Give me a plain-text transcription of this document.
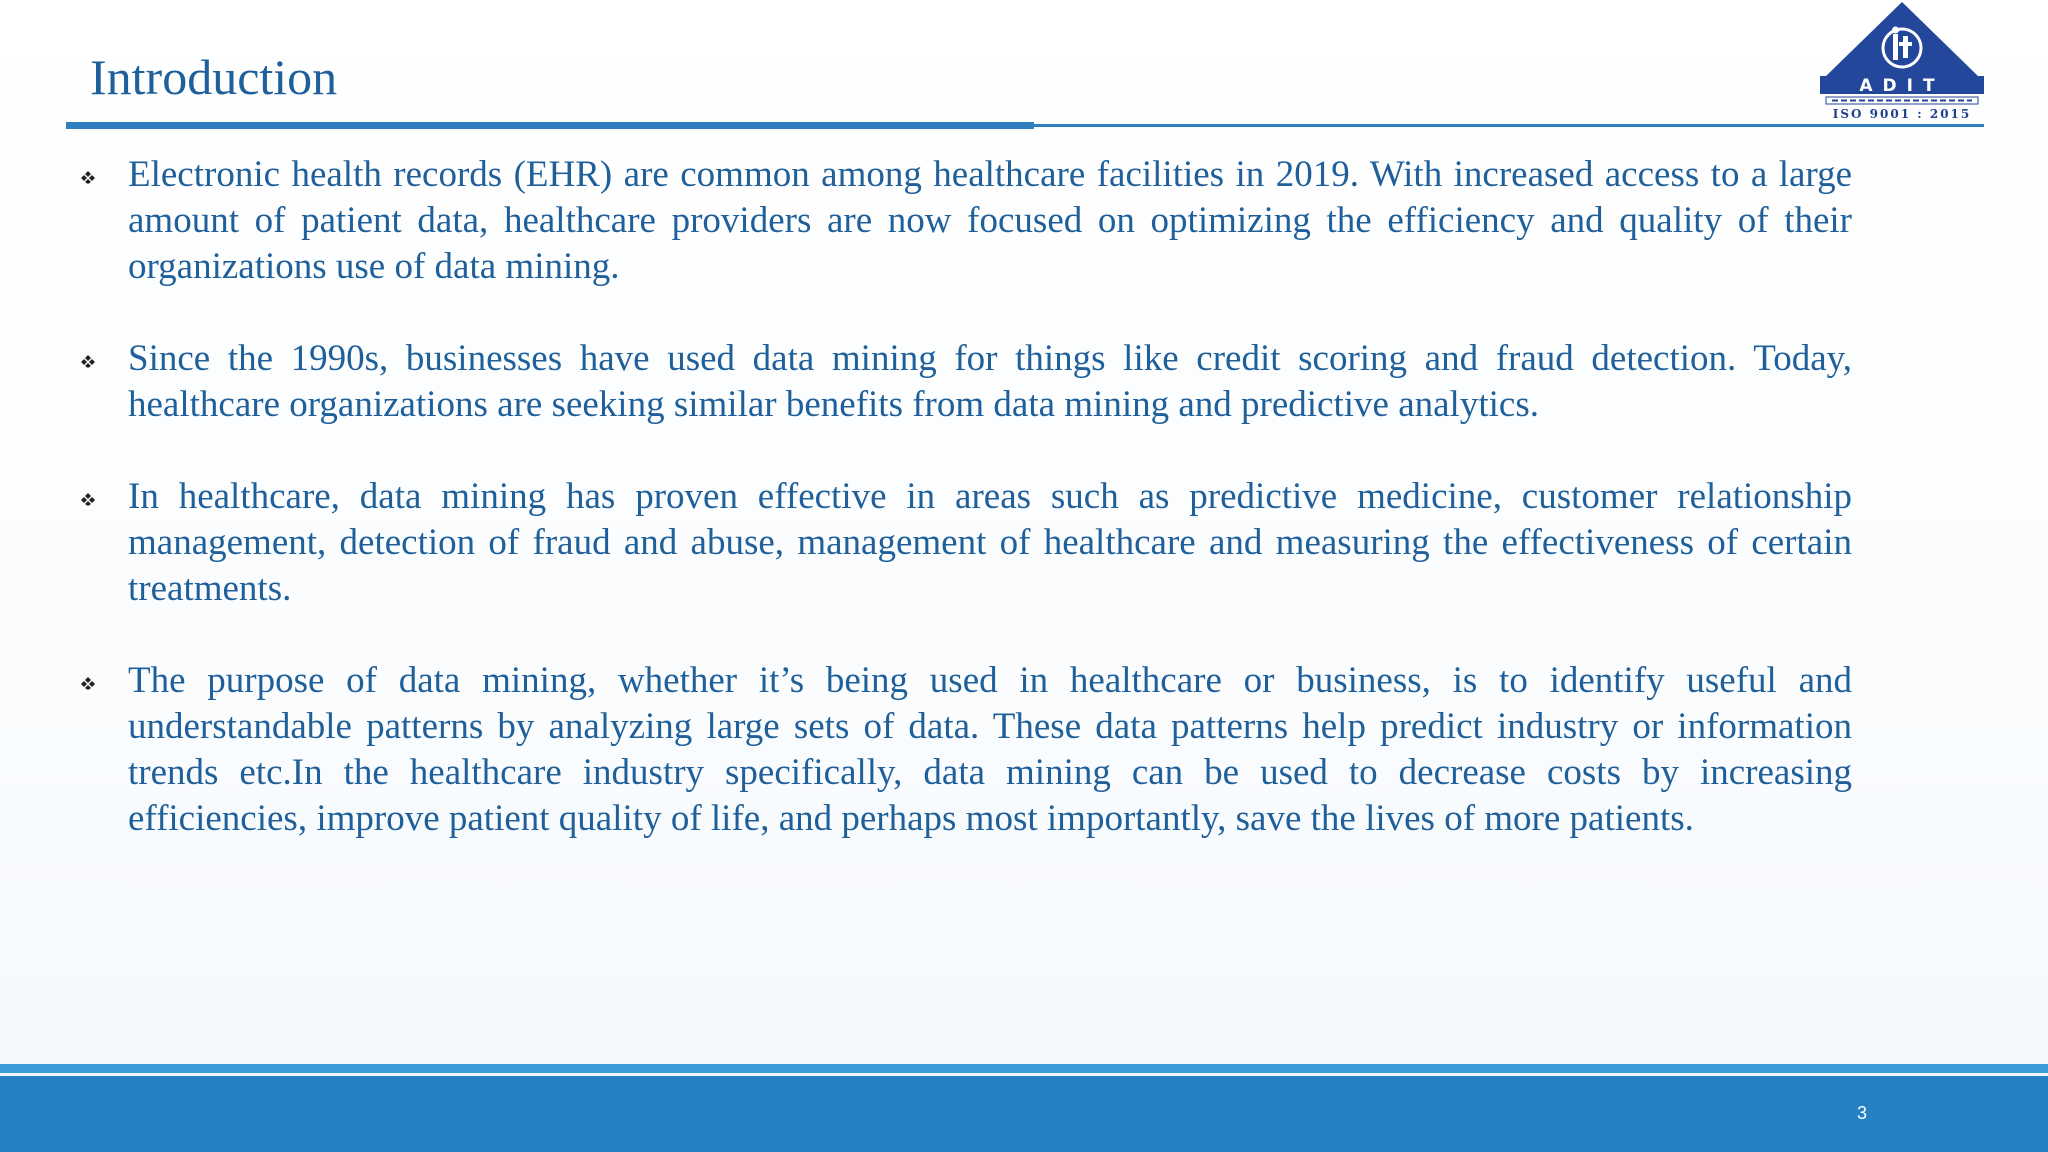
Introduction	ADIT
ISO 9001 : 2015
Electronic health records (EHR) are common among healthcare facilities in 2019. With increased access to a large amount of patient data, healthcare providers are now focused on optimizing the efficiency and quality of their organizations use of data mining.
Since the 1990s, businesses have used data mining for things like credit scoring and fraud detection. Today, healthcare organizations are seeking similar benefits from data mining and predictive analytics.
In healthcare, data mining has proven effective in areas such as predictive medicine, customer relationship management, detection of fraud and abuse, management of healthcare and measuring the effectiveness of certain treatments.
The purpose of data mining, whether it’s being used in healthcare or business, is to identify useful and understandable patterns by analyzing large sets of data. These data patterns help predict industry or information trends etc.In the healthcare industry specifically, data mining can be used to decrease costs by increasing efficiencies, improve patient quality of life, and perhaps most importantly, save the lives of more patients.
3
